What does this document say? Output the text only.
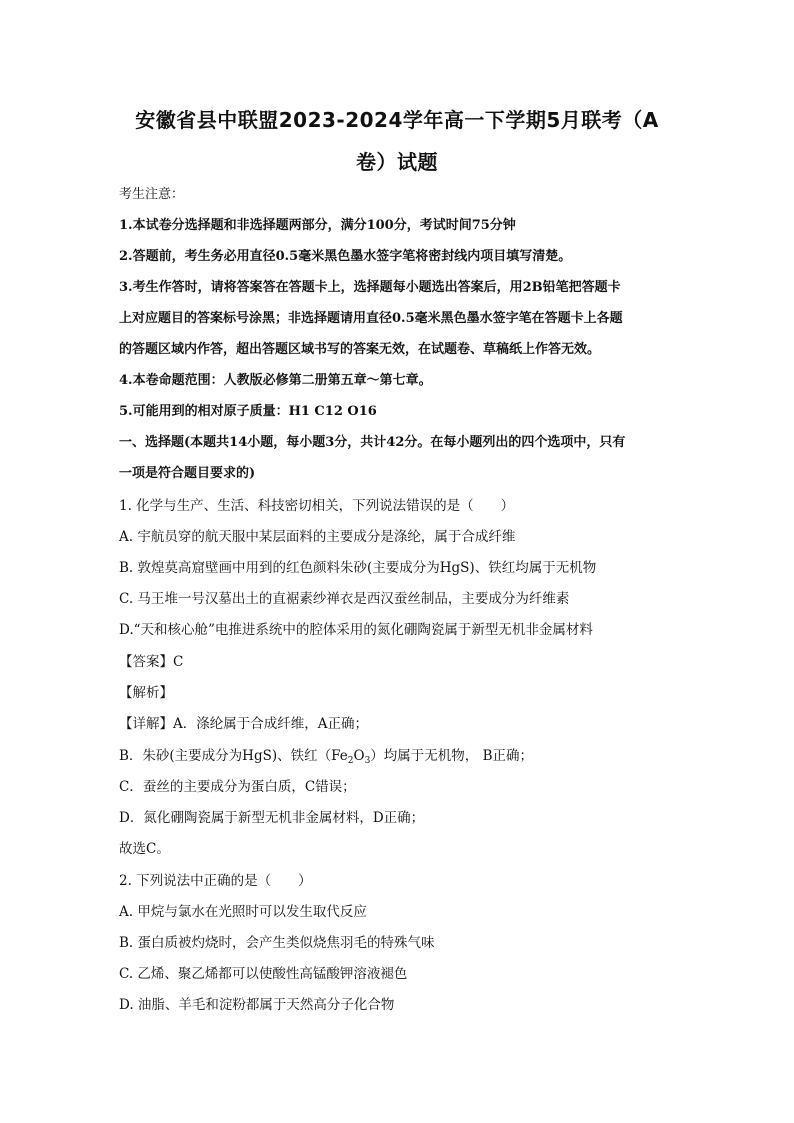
安徽省县中联盟2023-2024学年高一下学期5月联考（A
卷）试题
考生注意：
1.本试卷分选择题和非选择题两部分，满分100分，考试时间75分钟
2.答题前，考生务必用直径0.5毫米黑色墨水签字笔将密封线内项目填写清楚。
3.考生作答时，请将答案答在答题卡上，选择题每小题选出答案后，用2B铅笔把答题卡
上对应题目的答案标号涂黑；非选择题请用直径0.5毫米黑色墨水签字笔在答题卡上各题
的答题区域内作答，超出答题区域书写的答案无效，在试题卷、草稿纸上作答无效。
4.本卷命题范围：人教版必修第二册第五章～第七章。
5.可能用到的相对原子质量：H1 C12 O16
一、选择题(本题共14小题，每小题3分，共计42分。在每小题列出的四个选项中，只有
一项是符合题目要求的)
1. 化学与生产、生活、科技密切相关，下列说法错误的是（　　）
A. 宇航员穿的航天服中某层面料的主要成分是涤纶，属于合成纤维
B. 敦煌莫高窟壁画中用到的红色颜料朱砂(主要成分为HgS)、铁红均属于无机物
C. 马王堆一号汉墓出土的直裾素纱禅衣是西汉蚕丝制品，主要成分为纤维素
D.“天和核心舱”电推进系统中的腔体采用的氮化硼陶瓷属于新型无机非金属材料
【答案】C
【解析】
【详解】A．涤纶属于合成纤维，A正确；
B．朱砂(主要成分为HgS)、铁红$(Fe_2O_3)$均属于无机物， B正确；
C．蚕丝的主要成分为蛋白质，C错误；
D．氮化硼陶瓷属于新型无机非金属材料，D正确；
故选C。
2. 下列说法中正确的是（　　）
A. 甲烷与氯水在光照时可以发生取代反应
B. 蛋白质被灼烧时，会产生类似烧焦羽毛的特殊气味
C. 乙烯、聚乙烯都可以使酸性高锰酸钾溶液褪色
D. 油脂、羊毛和淀粉都属于天然高分子化合物
